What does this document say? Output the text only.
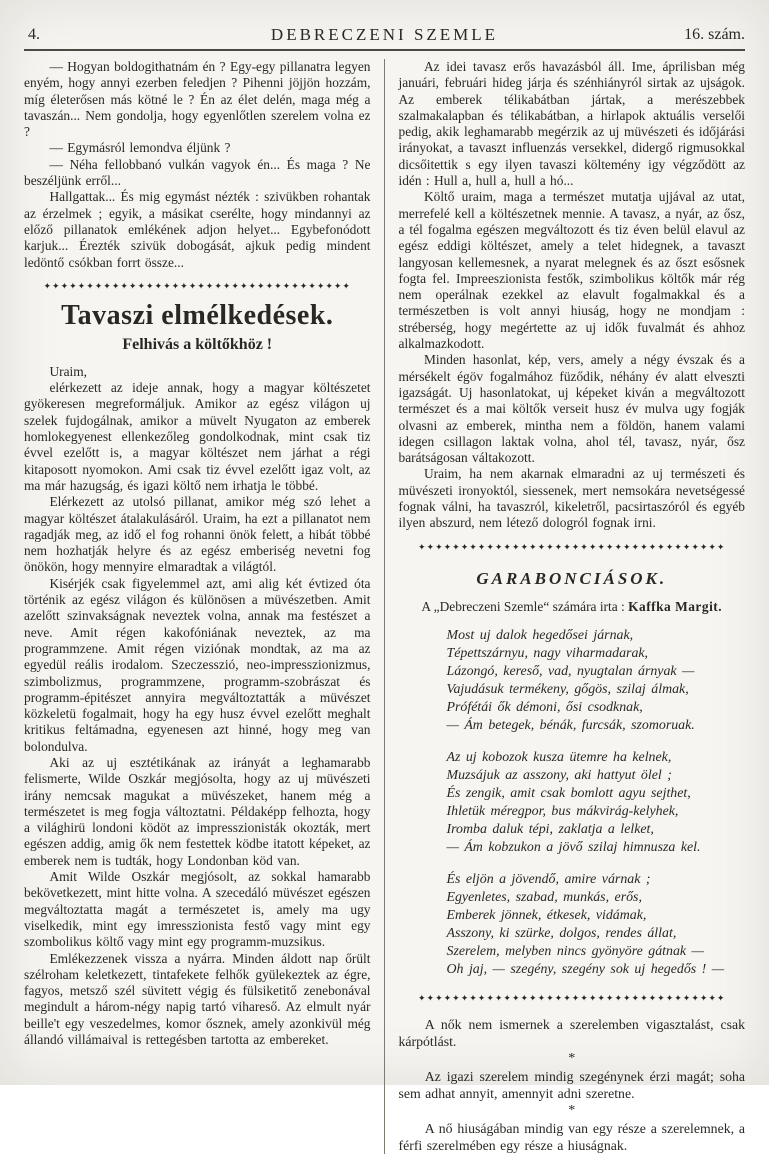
4.	DEBRECZENI SZEMLE	16. szám.

— Hogyan boldogithatnám én ? Egy-egy pillanatra legyen enyém, hogy annyi ezerben feledjen ? Pihenni jöjjön hozzám, míg életerősen más kötné le ? Én az élet delén, maga még a tavaszán... Nem gondolja, hogy egyenlőtlen szerelem volna ez ?

— Egymásról lemondva éljünk ?

— Néha fellobbanó vulkán vagyok én... És maga ? Ne beszéljünk erről...

Hallgattak... És mig egymást nézték : szivükben rohantak az érzelmek ; egyik, a másikat cserélte, hogy mindannyi az előző pillanatok emlékének adjon helyet... Egybefonódott karjuk... Érezték szivük dobogását, ajkuk pedig mindent ledöntő csókban forrt össze...

✦✦✦✦✦✦✦✦✦✦✦✦✦✦✦✦✦✦✦✦✦✦✦✦✦✦✦✦✦✦✦✦✦✦✦✦
Tavaszi elmélkedések.
Felhivás a költőkhöz !

Uraim,

elérkezett az ideje annak, hogy a magyar költészetet gyökeresen megreformáljuk. Amikor az egész világon uj szelek fujdogálnak, amikor a müvelt Nyugaton az emberek homlokegyenest ellenkezőleg gondolkodnak, mint csak tiz évvel ezelőtt is, a magyar költészet nem járhat a régi kitaposott nyomokon. Ami csak tiz évvel ezelőtt igaz volt, az ma már hazugság, és igazi költő nem irhatja le többé.

Elérkezett az utolsó pillanat, amikor még szó lehet a magyar költészet átalakulásáról. Uraim, ha ezt a pillanatot nem ragadják meg, az idő el fog rohanni önök felett, a hibát többé nem hozhatják helyre és az egész emberiség nevetni fog önökön, hogy mennyire elmaradtak a világtól.

Kisérjék csak figyelemmel azt, ami alig két évtized óta történik az egész világon és különösen a müvészetben. Amit azelőtt szinvakságnak neveztek volna, annak ma festészet a neve. Amit régen kakofóniának neveztek, az ma programmzene. Amit régen viziónak mondtak, az ma az egyedül reális irodalom. Szeczesszió, neo-impresszionizmus, szimbolizmus, programmzene, programm-szobrászat és programm-épitészet annyira megváltoztatták a müvészet közkeletü fogalmait, hogy ha egy husz évvel ezelőtt meghalt kritikus feltámadna, egyenesen azt hinné, hogy meg van bolondulva.

Aki az uj esztétikának az irányát a leghamarabb felismerte, Wilde Oszkár megjósolta, hogy az uj müvészeti irány nemcsak magukat a müvészeket, hanem még a természetet is meg fogja változtatni. Példaképp felhozta, hogy a világhirü londoni ködöt az impresszionisták okozták, mert egészen addig, amig ők nem festettek ködbe itatott képeket, az emberek nem is tudták, hogy Londonban köd van.

Amit Wilde Oszkár megjósolt, az sokkal hamarabb bekövetkezett, mint hitte volna. A szecedáló müvészet egészen megváltoztatta magát a természetet is, amely ma ugy viselkedik, mint egy imresszionista festő vagy mint egy szombolikus költő vagy mint egy programm-muzsikus.

Emlékezzenek vissza a nyárra. Minden áldott nap őrült szélroham keletkezett, tintafekete felhők gyülekeztek az égre, fagyos, metsző szél süvitett végig és fülsiketitő zenebonával megindult a három-négy napig tartó vihareső. Az elmult nyár beille't egy veszedelmes, komor ősznek, amely azonkivül még állandó villámaival is rettegésben tartotta az embereket.

Az idei tavasz erős havazásból áll. Ime, áprilisban még januári, februári hideg járja és szénhiányról sirtak az ujságok. Az emberek télikabátban jártak, a merészebbek szalmakalapban és télikabátban, a hirlapok aktuális verselői pedig, akik leghamarabb megérzik az uj müvészeti és időjárási irányokat, a tavaszt influenzás versekkel, didergő rigmusokkal dicsőitettik s egy ilyen tavaszi költemény igy végződött az idén : Hull a, hull a, hull a hó...

Költő uraim, maga a természet mutatja ujjával az utat, merrefelé kell a költészetnek mennie. A tavasz, a nyár, az ősz, a tél fogalma egészen megváltozott és tiz éven belül elavul az egész eddigi költészet, amely a telet hidegnek, a tavaszt langyosan kellemesnek, a nyarat melegnek és az őszt esősnek fogta fel. Impreeszionista festők, szimbolikus költők már rég nem operálnak ezekkel az elavult fogalmakkal és a természetben is volt annyi hiuság, hogy ne mondjam : stréberség, hogy megértette az uj idők fuvalmát és ahhoz alkalmazkodott.

Minden hasonlat, kép, vers, amely a négy évszak és a mérsékelt égöv fogalmához füződik, néhány év alatt elveszti igazságát. Uj hasonlatokat, uj képeket kiván a megváltozott természet és a mai költők verseit husz év mulva ugy fogják olvasni az emberek, mintha nem a földön, hanem valami idegen csillagon laktak volna, ahol tél, tavasz, nyár, ősz barátságosan váltakozott.

Uraim, ha nem akarnak elmaradni az uj természeti és müvészeti ironyoktól, siessenek, mert nemsokára nevetségessé fognak válni, ha tavaszról, kikeletről, pacsirtaszóról és egyéb ilyen abszurd, nem létező dologról fognak irni.

✦✦✦✦✦✦✦✦✦✦✦✦✦✦✦✦✦✦✦✦✦✦✦✦✦✦✦✦✦✦✦✦✦✦✦✦
GARABONCIÁSOK.

A „Debreczeni Szemle“ számára irta : Kaffka Margit.

Most uj dalok hegedősei járnak,
Tépettszárnyu, nagy viharmadarak,
Lázongó, kereső, vad, nyugtalan árnyak —
Vajudásuk termékeny, gőgös, szilaj álmak,
Prófétái ők démoni, ősi csodknak,
— Ám betegek, bénák, furcsák, szomoruak.
Az uj kobozok kusza ütemre ha kelnek,
Muzsájuk az asszony, aki hattyut ölel ;
És zengik, amit csak bomlott agyu sejthet,
Ihletük méregpor, bus mákvirág-kelyhek,
Iromba daluk tépi, zaklatja a lelket,
— Ám kobzukon a jövő szilaj himnusza kel.
És eljön a jövendő, amire várnak ;
Egyenletes, szabad, munkás, erős,
Emberek jönnek, étkesek, vidámak,
Asszony, ki szürke, dolgos, rendes állat,
Szerelem, melyben nincs gyönyöre gátnak —
Oh jaj, — szegény, szegény sok uj hegedős ! —
✦✦✦✦✦✦✦✦✦✦✦✦✦✦✦✦✦✦✦✦✦✦✦✦✦✦✦✦✦✦✦✦✦✦✦✦

A nők nem ismernek a szerelemben vigasztalást, csak kárpótlást.

*

Az igazi szerelem mindig szegénynek érzi magát; soha sem adhat annyit, amennyit adni szeretne.

*

A nő hiuságában mindig van egy része a szerelemnek, a férfi szerelmében egy része a hiuságnak.
